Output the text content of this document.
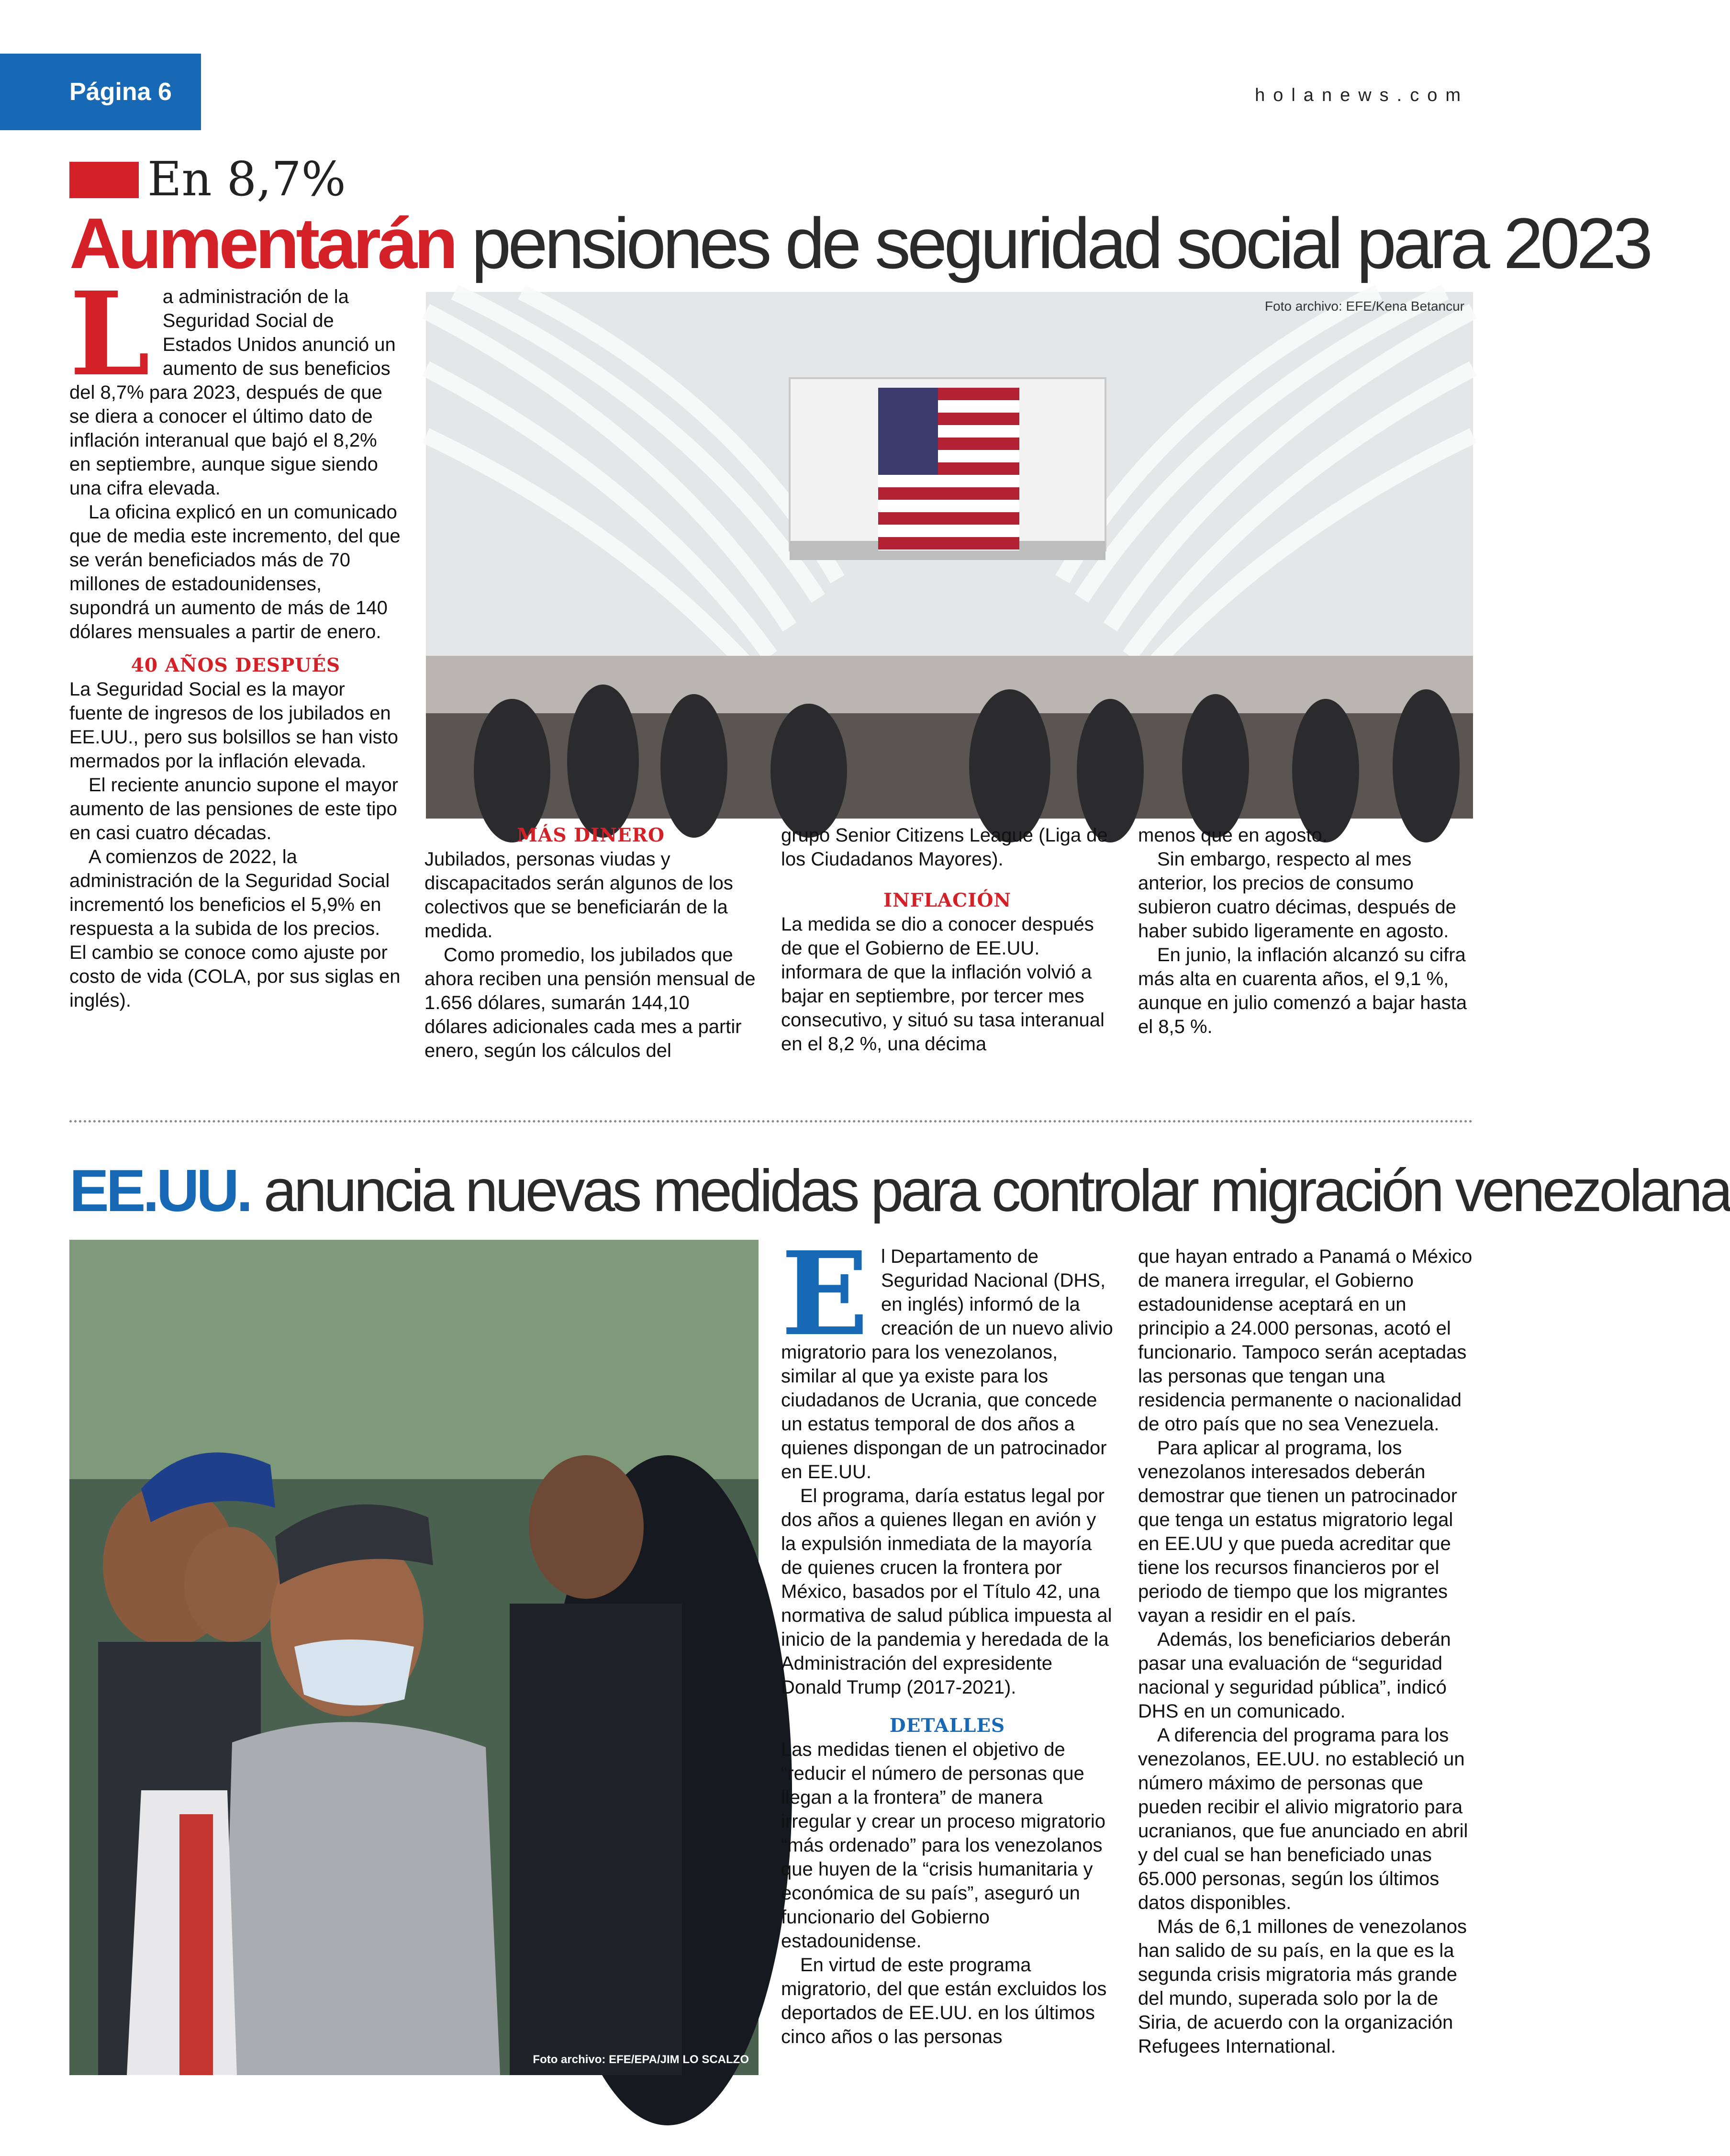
Página 6	holanews.com
En 8,7%
Aumentarán pensiones de seguridad social para 2023

La administración de la Seguridad Social de Estados Unidos anunció un aumento de sus beneficios del 8,7% para 2023, después de que se diera a conocer el último dato de inflación interanual que bajó el 8,2% en septiembre, aunque sigue siendo una cifra elevada.

La oficina explicó en un comunicado que de media este incremento, del que se verán beneficiados más de 70 millones de estadounidenses, supondrá un aumento de más de 140 dólares mensuales a partir de enero.

40 AÑOS DESPUÉS

La Seguridad Social es la mayor fuente de ingresos de los jubilados en EE.UU., pero sus bolsillos se han visto mermados por la inflación elevada.

El reciente anuncio supone el mayor aumento de las pensiones de este tipo en casi cuatro décadas.

A comienzos de 2022, la administración de la Seguridad Social incrementó los beneficios el 5,9% en respuesta a la subida de los precios. El cambio se conoce como ajuste por costo de vida (COLA, por sus siglas en inglés).

Foto archivo: EFE/Kena Betancur

MÁS DINERO

Jubilados, personas viudas y discapacitados serán algunos de los colectivos que se beneficiarán de la medida.

Como promedio, los jubilados que ahora reciben una pensión mensual de 1.656 dólares, sumarán 144,10 dólares adicionales cada mes a partir enero, según los cálculos del

grupo Senior Citizens League (Liga de los Ciudadanos Mayores).

INFLACIÓN

La medida se dio a conocer después de que el Gobierno de EE.UU. informara de que la inflación volvió a bajar en septiembre, por tercer mes consecutivo, y situó su tasa interanual en el 8,2 %, una décima

menos que en agosto.

Sin embargo, respecto al mes anterior, los precios de consumo subieron cuatro décimas, después de haber subido ligeramente en agosto.

En junio, la inflación alcanzó su cifra más alta en cuarenta años, el 9,1 %, aunque en julio comenzó a bajar hasta el 8,5 %.

EE.UU. anuncia nuevas medidas para controlar migración venezolana
Foto archivo: EFE/EPA/JIM LO SCALZO

El Departamento de Seguridad Nacional (DHS, en inglés) informó de la creación de un nuevo alivio migratorio para los venezolanos, similar al que ya existe para los ciudadanos de Ucrania, que concede un estatus temporal de dos años a quienes dispongan de un patrocinador en EE.UU.

El programa, daría estatus legal por dos años a quienes llegan en avión y la expulsión inmediata de la mayoría de quienes crucen la frontera por México, basados por el Título 42, una normativa de salud pública impuesta al inicio de la pandemia y heredada de la Administración del expresidente Donald Trump (2017-2021).

DETALLES

Las medidas tienen el objetivo de “reducir el número de personas que llegan a la frontera” de manera irregular y crear un proceso migratorio “más ordenado” para los venezolanos que huyen de la “crisis humanitaria y económica de su país”, aseguró un funcionario del Gobierno estadounidense.

En virtud de este programa migratorio, del que están excluidos los deportados de EE.UU. en los últimos cinco años o las personas

que hayan entrado a Panamá o México de manera irregular, el Gobierno estadounidense aceptará en un principio a 24.000 personas, acotó el funcionario. Tampoco serán aceptadas las personas que tengan una residencia permanente o nacionalidad de otro país que no sea Venezuela.

Para aplicar al programa, los venezolanos interesados deberán demostrar que tienen un patrocinador que tenga un estatus migratorio legal en EE.UU y que pueda acreditar que tiene los recursos financieros por el periodo de tiempo que los migrantes vayan a residir en el país.

Además, los beneficiarios deberán pasar una evaluación de “seguridad nacional y seguridad pública”, indicó DHS en un comunicado.

A diferencia del programa para los venezolanos, EE.UU. no estableció un número máximo de personas que pueden recibir el alivio migratorio para ucranianos, que fue anunciado en abril y del cual se han beneficiado unas 65.000 personas, según los últimos datos disponibles.

Más de 6,1 millones de venezolanos han salido de su país, en la que es la segunda crisis migratoria más grande del mundo, superada solo por la de Siria, de acuerdo con la organización Refugees International.
